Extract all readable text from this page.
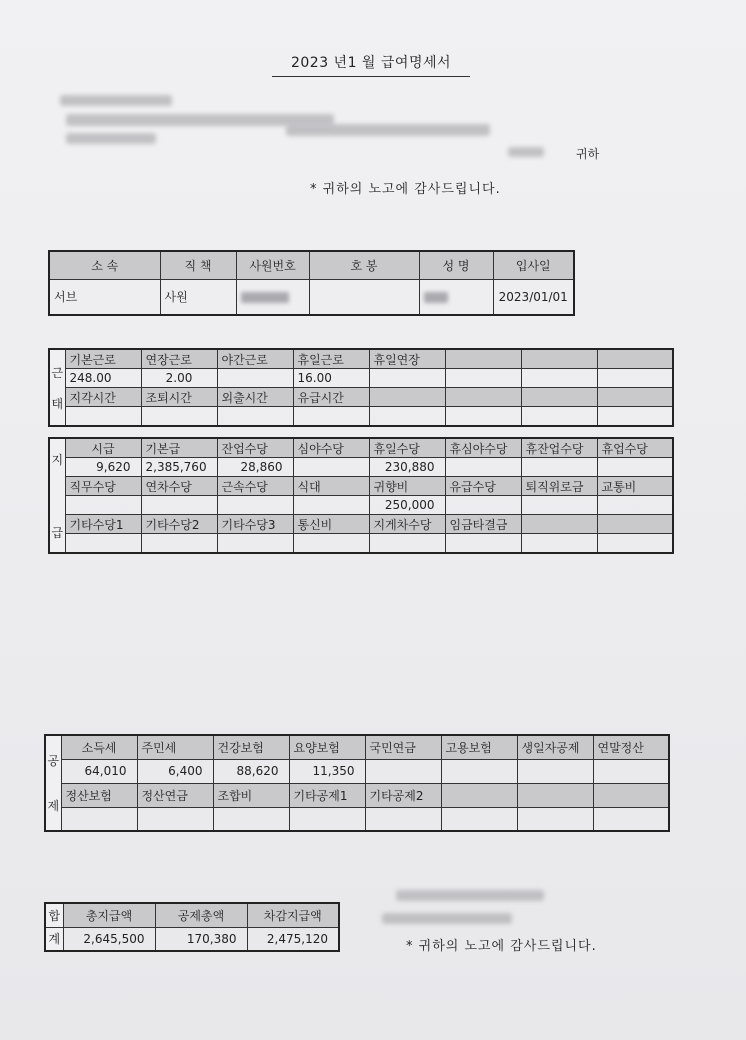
2023 년1 월 급여명세서
귀하
* 귀하의 노고에 감사드립니다.
소 속	직 책	사원번호	호 봉	성 명	입사일
서브	사원				2023/01/01
근

태	기본근로	연장근로	야간근로	휴일근로	휴일연장			
	248.00	2.00		16.00				
	지각시간	조퇴시간	외출시간	유급시간				

지

급	시급	기본급	잔업수당	심야수당	휴일수당	휴심야수당	휴잔업수당	휴업수당
	9,620	2,385,760	28,860		230,880			
	직무수당	연차수당	근속수당	식대	귀향비	유급수당	퇴직위로금	교통비
					250,000			
	기타수당1	기타수당2	기타수당3	통신비	지게차수당	임금타결금		

공

제	소득세	주민세	건강보험	요양보험	국민연금	고용보험	생일자공제	연말정산
	64,010	6,400	88,620	11,350				
	정산보험	정산연금	조합비	기타공제1	기타공제2			

합	총지급액	공제총액	차감지급액
계	2,645,500	170,380	2,475,120
* 귀하의 노고에 감사드립니다.
